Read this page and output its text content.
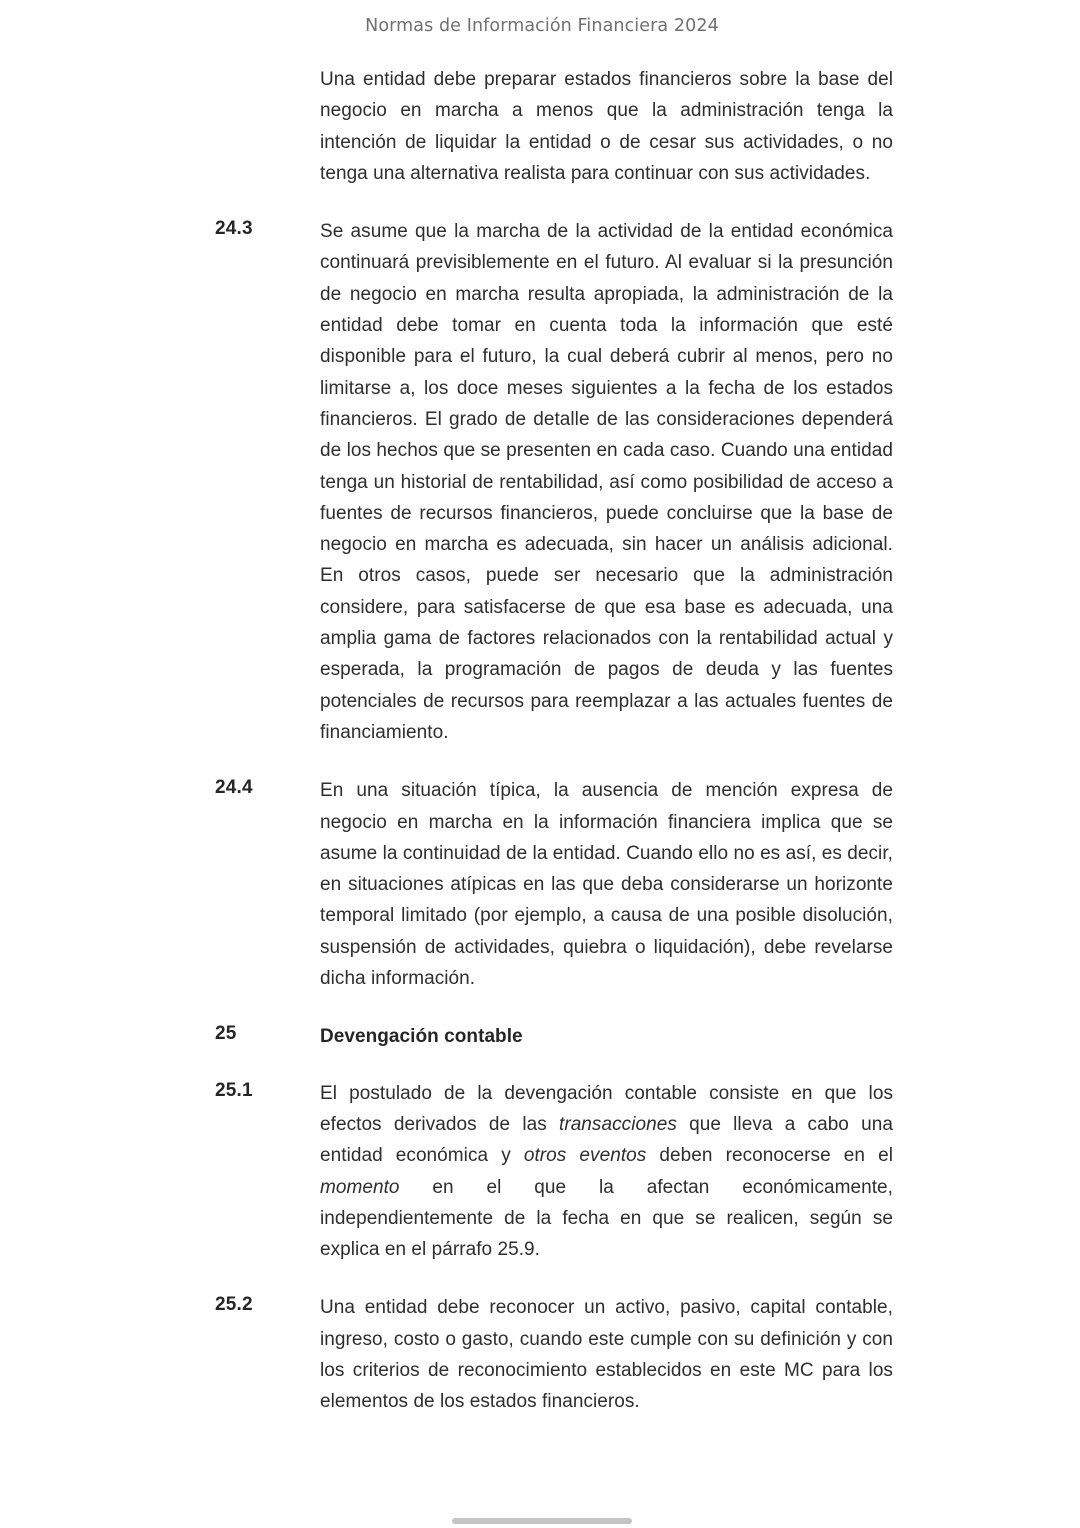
Normas de Información Financiera 2024
Una entidad debe preparar estados financieros sobre la base del negocio en marcha a menos que la administración tenga la intención de liquidar la entidad o de cesar sus actividades, o no tenga una alternativa realista para continuar con sus actividades.
24.3	Se asume que la marcha de la actividad de la entidad económica continuará previsiblemente en el futuro. Al evaluar si la presunción de negocio en marcha resulta apropiada, la administración de la entidad debe tomar en cuenta toda la información que esté disponible para el futuro, la cual deberá cubrir al menos, pero no limitarse a, los doce meses siguientes a la fecha de los estados financieros. El grado de detalle de las consideraciones dependerá de los hechos que se presenten en cada caso. Cuando una entidad tenga un historial de rentabilidad, así como posibilidad de acceso a fuentes de recursos financieros, puede concluirse que la base de negocio en marcha es adecuada, sin hacer un análisis adicional. En otros casos, puede ser necesario que la administración considere, para satisfacerse de que esa base es adecuada, una amplia gama de factores relacionados con la rentabilidad actual y esperada, la programación de pagos de deuda y las fuentes potenciales de recursos para reemplazar a las actuales fuentes de financiamiento.
24.4	En una situación típica, la ausencia de mención expresa de negocio en marcha en la información financiera implica que se asume la continuidad de la entidad. Cuando ello no es así, es decir, en situaciones atípicas en las que deba considerarse un horizonte temporal limitado (por ejemplo, a causa de una posible disolución, suspensión de actividades, quiebra o liquidación), debe revelarse dicha información.
25	Devengación contable
25.1	El postulado de la devengación contable consiste en que los efectos derivados de las transacciones que lleva a cabo una entidad económica y otros eventos deben reconocerse en el momento en el que la afectan económicamente, independientemente de la fecha en que se realicen, según se explica en el párrafo 25.9.
25.2	Una entidad debe reconocer un activo, pasivo, capital contable, ingreso, costo o gasto, cuando este cumple con su definición y con los criterios de reconocimiento establecidos en este MC para los elementos de los estados financieros.
